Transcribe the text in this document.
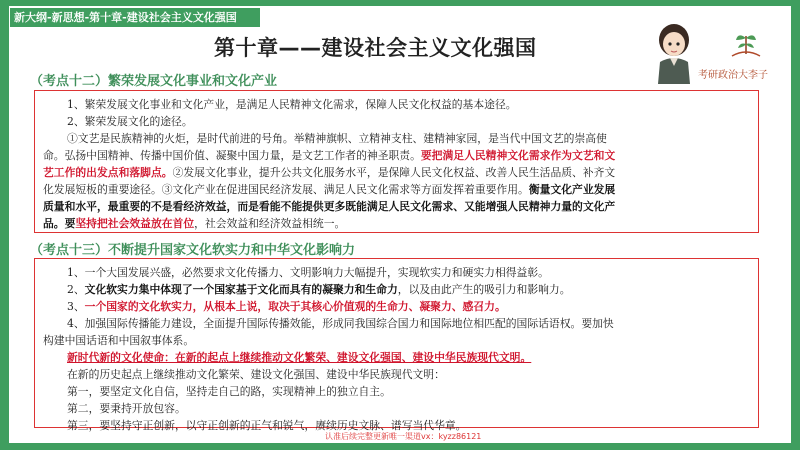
新大纲-新思想-第十章-建设社会主义文化强国
第十章——建设社会主义文化强国
考研政治大李子
（考点十二）繁荣发展文化事业和文化产业
1、繁荣发展文化事业和文化产业，是满足人民精神文化需求，保障人民文化权益的基本途径。
2、繁荣发展文化的途径。
①文艺是民族精神的火炬，是时代前进的号角。举精神旗帜、立精神支柱、建精神家园，是当代中国文艺的崇高使
命。弘扬中国精神、传播中国价值、凝聚中国力量，是文艺工作者的神圣职责。要把满足人民精神文化需求作为文艺和文
艺工作的出发点和落脚点。②发展文化事业，提升公共文化服务水平，是保障人民文化权益、改善人民生活品质、补齐文
化发展短板的重要途径。③文化产业在促进国民经济发展、满足人民文化需求等方面发挥着重要作用。衡量文化产业发展
质量和水平，最重要的不是看经济效益，而是看能不能提供更多既能满足人民文化需求、又能增强人民精神力量的文化产
品。要坚持把社会效益放在首位，社会效益和经济效益相统一。
（考点十三）不断提升国家文化软实力和中华文化影响力
1、一个大国发展兴盛，必然要求文化传播力、文明影响力大幅提升，实现软实力和硬实力相得益彰。
2、文化软实力集中体现了一个国家基于文化而具有的凝聚力和生命力，以及由此产生的吸引力和影响力。
3、一个国家的文化软实力，从根本上说，取决于其核心价值观的生命力、凝聚力、感召力。
4、加强国际传播能力建设，全面提升国际传播效能，形成同我国综合国力和国际地位相匹配的国际话语权。要加快
构建中国话语和中国叙事体系。
新时代新的文化使命：在新的起点上继续推动文化繁荣、建设文化强国、建设中华民族现代文明。
在新的历史起点上继续推动文化繁荣、建设文化强国、建设中华民族现代文明：
第一，要坚定文化自信，坚持走自己的路，实现精神上的独立自主。
第二，要秉持开放包容。
第三，要坚持守正创新，以守正创新的正气和锐气，赓续历史文脉、谱写当代华章。
认准后续完整更新唯一渠道vx：kyzz86121
